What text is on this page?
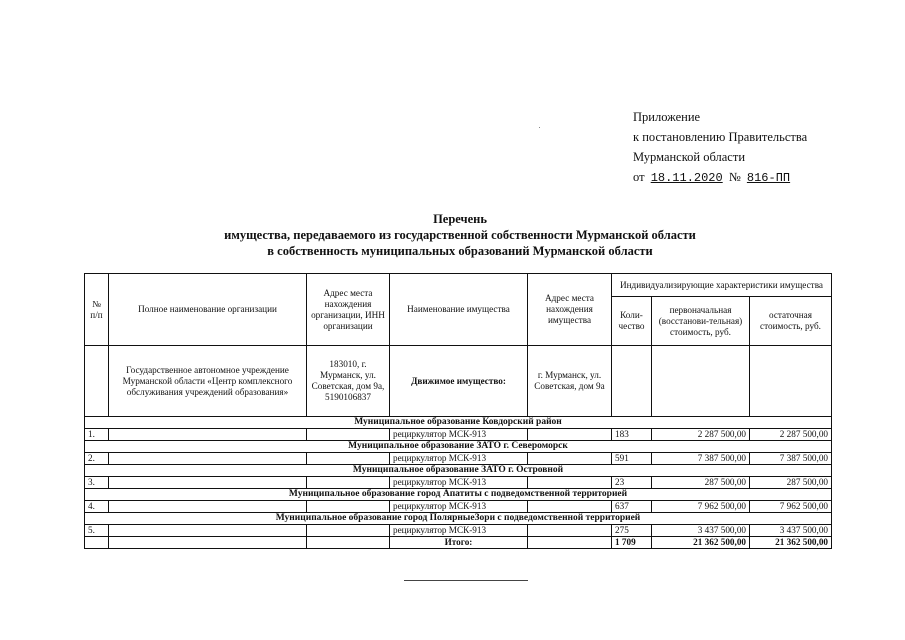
Приложение
к постановлению Правительства
Мурманской области
от 18.11.2020 № 816-ПП
Перечень
имущества, передаваемого из государственной собственности Мурманской области
в собственность муниципальных образований Мурманской области
№ п/п	Полное наименование организации	Адрес места нахождения организации, ИНН организации	Наименование имущества	Адрес места нахождения имущества	Индивидуализирующие характеристики имущества		
					Коли-чество	первоначальная (восстанови-тельная) стоимость, руб.	остаточная стоимость, руб.
	Государственное автономное учреждение Мурманской области «Центр комплексного обслуживания учреждений образования»	183010, г. Мурманск, ул. Советская, дом 9а, 5190106837	Движимое имущество:	г. Мурманск, ул. Советская, дом 9а			
Муниципальное образование Ковдорский район							
1.			рециркулятор МСК-913		183	2 287 500,00	2 287 500,00
Муниципальное образование ЗАТО г. Североморск							
2.			рециркулятор МСК-913		591	7 387 500,00	7 387 500,00
Муниципальное образование ЗАТО г. Островной							
3.			рециркулятор МСК-913		23	287 500,00	287 500,00
Муниципальное образование город Апатиты с подведомственной территорией							
4.			рециркулятор МСК-913		637	7 962 500,00	7 962 500,00
Муниципальное образование город ПолярныеЗори с подведомственной территорией							
5.			рециркулятор МСК-913		275	3 437 500,00	3 437 500,00
			Итого:		1 709	21 362 500,00	21 362 500,00
